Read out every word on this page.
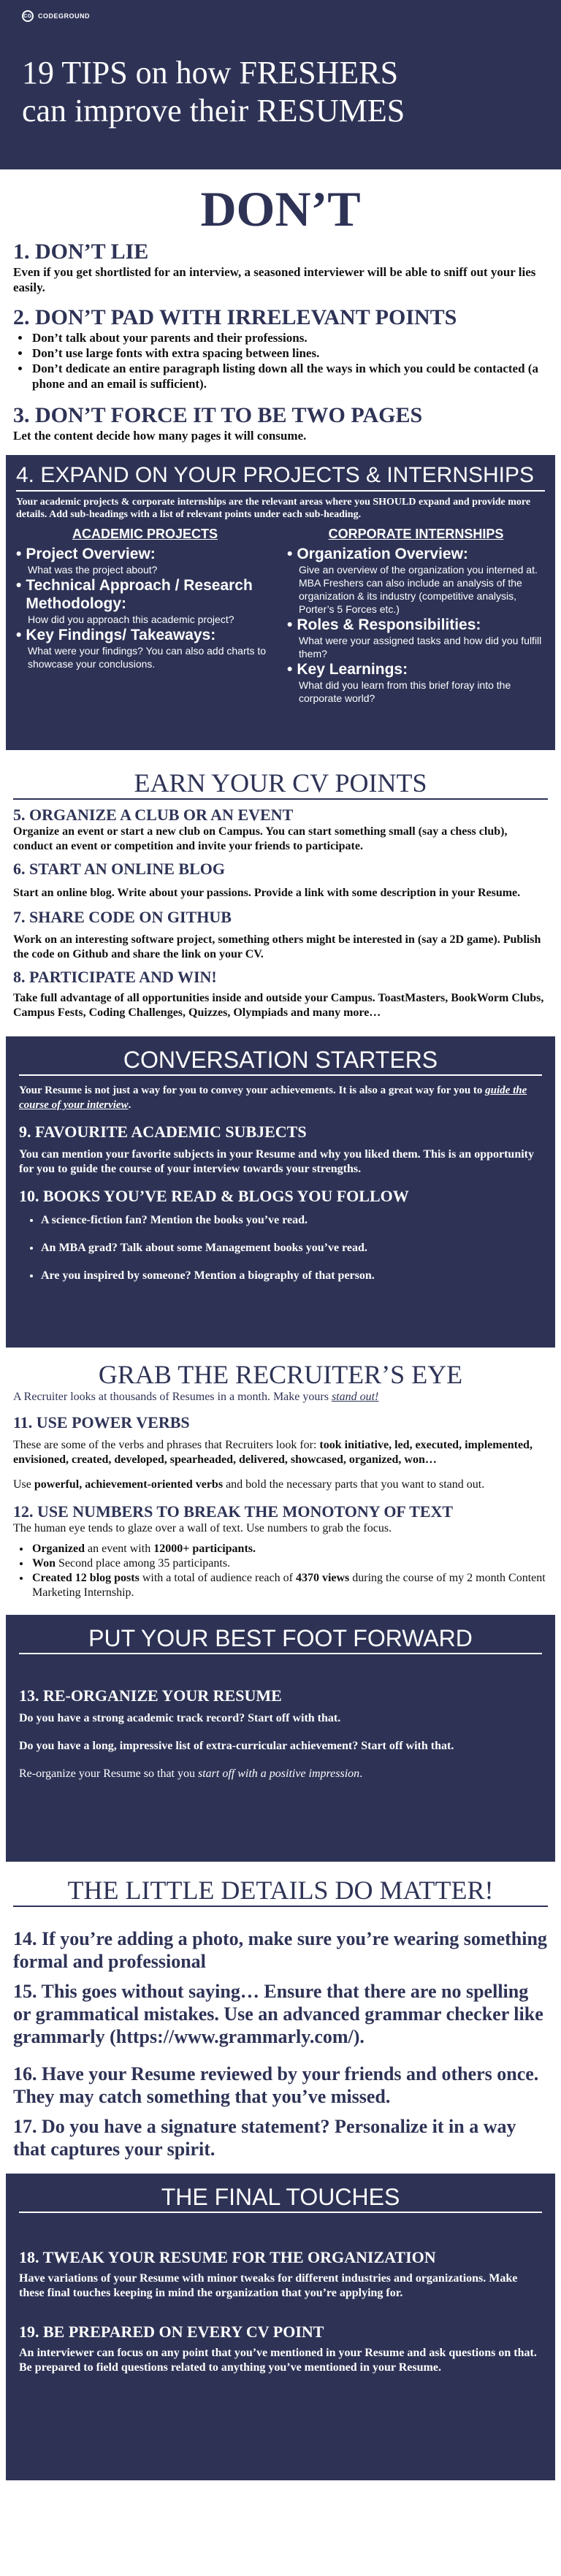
CG CODEGROUND
19 TIPS on how FRESHERS
can improve their RESUMES
DON’T
1. DON’T LIE
Even if you get shortlisted for an interview, a seasoned interviewer will be able to sniff out your lies easily.
2. DON’T PAD WITH IRRELEVANT POINTS
• Don’t talk about your parents and their professions.
• Don’t use large fonts with extra spacing between lines.
• Don’t dedicate an entire paragraph listing down all the ways in which you could be contacted (a phone and an email is sufficient).
3. DON’T FORCE IT TO BE TWO PAGES
Let the content decide how many pages it will consume.
4. EXPAND ON YOUR PROJECTS & INTERNSHIPS
Your academic projects & corporate internships are the relevant areas where you SHOULD expand and provide more details. Add sub-headings with a list of relevant points under each sub-heading.
ACADEMIC PROJECTS
• Project Overview:
What was the project about?
• Technical Approach / Research Methodology:
How did you approach this academic project?
• Key Findings/ Takeaways:
What were your findings? You can also add charts to showcase your conclusions.
CORPORATE INTERNSHIPS
• Organization Overview:
Give an overview of the organization you interned at. MBA Freshers can also include an analysis of the organization & its industry (competitive analysis, Porter’s 5 Forces etc.)
• Roles & Responsibilities:
What were your assigned tasks and how did you fulfill them?
• Key Learnings:
What did you learn from this brief foray into the corporate world?
EARN YOUR CV POINTS
5. ORGANIZE A CLUB OR AN EVENT
Organize an event or start a new club on Campus. You can start something small (say a chess club), conduct an event or competition and invite your friends to participate.
6. START AN ONLINE BLOG
Start an online blog. Write about your passions. Provide a link with some description in your Resume.
7. SHARE CODE ON GITHUB
Work on an interesting software project, something others might be interested in (say a 2D game). Publish the code on Github and share the link on your CV.
8. PARTICIPATE AND WIN!
Take full advantage of all opportunities inside and outside your Campus. ToastMasters, BookWorm Clubs, Campus Fests, Coding Challenges, Quizzes, Olympiads and many more…
CONVERSATION STARTERS
Your Resume is not just a way for you to convey your achievements. It is also a great way for you to guide the course of your interview.
9. FAVOURITE ACADEMIC SUBJECTS
You can mention your favorite subjects in your Resume and why you liked them. This is an opportunity for you to guide the course of your interview towards your strengths.
10. BOOKS YOU’VE READ & BLOGS YOU FOLLOW
• A science-fiction fan? Mention the books you’ve read.
• An MBA grad? Talk about some Management books you’ve read.
• Are you inspired by someone? Mention a biography of that person.
GRAB THE RECRUITER’S EYE
A Recruiter looks at thousands of Resumes in a month. Make yours stand out!
11. USE POWER VERBS
These are some of the verbs and phrases that Recruiters look for: took initiative, led, executed, implemented, envisioned, created, developed, spearheaded, delivered, showcased, organized, won…
Use powerful, achievement-oriented verbs and bold the necessary parts that you want to stand out.
12. USE NUMBERS TO BREAK THE MONOTONY OF TEXT
The human eye tends to glaze over a wall of text. Use numbers to grab the focus.
• Organized an event with 12000+ participants.
• Won Second place among 35 participants.
• Created 12 blog posts with a total of audience reach of 4370 views during the course of my 2 month Content Marketing Internship.
PUT YOUR BEST FOOT FORWARD
13. RE-ORGANIZE YOUR RESUME
Do you have a strong academic track record? Start off with that.
Do you have a long, impressive list of extra-curricular achievement? Start off with that.
Re-organize your Resume so that you start off with a positive impression.
THE LITTLE DETAILS DO MATTER!
14. If you’re adding a photo, make sure you’re wearing something formal and professional
15. This goes without saying… Ensure that there are no spelling or grammatical mistakes. Use an advanced grammar checker like grammarly (https://www.grammarly.com/).
16. Have your Resume reviewed by your friends and others once. They may catch something that you’ve missed.
17. Do you have a signature statement? Personalize it in a way that captures your spirit.
THE FINAL TOUCHES
18. TWEAK YOUR RESUME FOR THE ORGANIZATION
Have variations of your Resume with minor tweaks for different industries and organizations. Make these final touches keeping in mind the organization that you’re applying for.
19. BE PREPARED ON EVERY CV POINT
An interviewer can focus on any point that you’ve mentioned in your Resume and ask questions on that. Be prepared to field questions related to anything you’ve mentioned in your Resume.
